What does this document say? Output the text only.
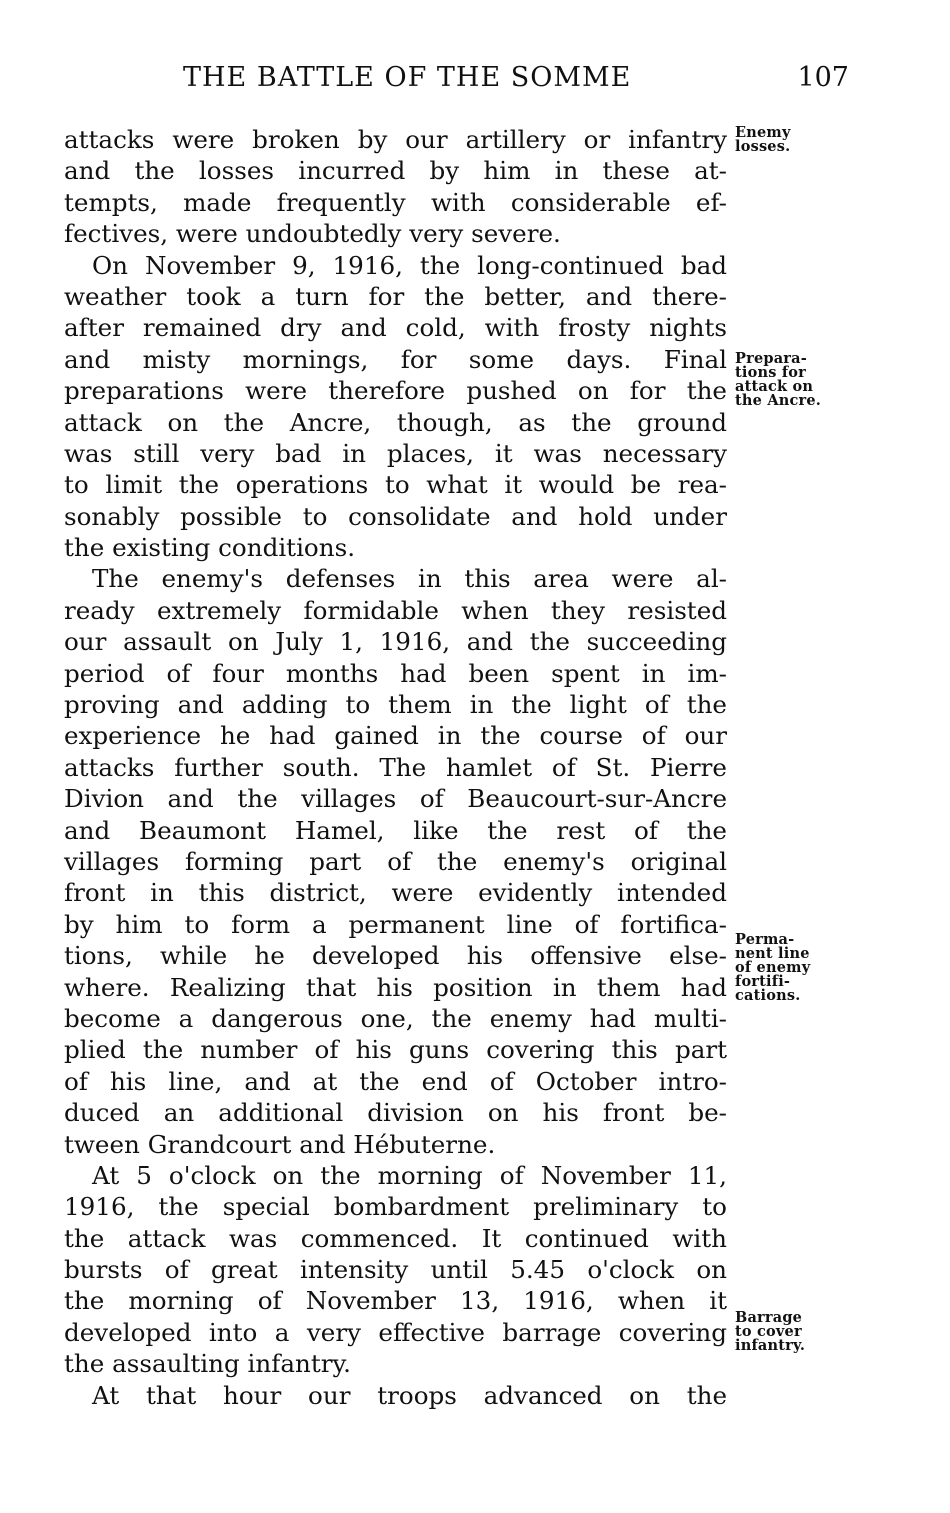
THE BATTLE OF THE SOMME	107
attacks were broken by our artillery or infantry
and the losses incurred by him in these at-
tempts, made frequently with considerable ef-
fectives, were undoubtedly very severe.
On November 9, 1916, the long-continued bad
weather took a turn for the better, and there-
after remained dry and cold, with frosty nights
and misty mornings, for some days. Final
preparations were therefore pushed on for the
attack on the Ancre, though, as the ground
was still very bad in places, it was necessary
to limit the operations to what it would be rea-
sonably possible to consolidate and hold under
the existing conditions.
The enemy's defenses in this area were al-
ready extremely formidable when they resisted
our assault on July 1, 1916, and the succeeding
period of four months had been spent in im-
proving and adding to them in the light of the
experience he had gained in the course of our
attacks further south. The hamlet of St. Pierre
Divion and the villages of Beaucourt-sur-Ancre
and Beaumont Hamel, like the rest of the
villages forming part of the enemy's original
front in this district, were evidently intended
by him to form a permanent line of fortifica-
tions, while he developed his offensive else-
where. Realizing that his position in them had
become a dangerous one, the enemy had multi-
plied the number of his guns covering this part
of his line, and at the end of October intro-
duced an additional division on his front be-
tween Grandcourt and Hébuterne.
At 5 o'clock on the morning of November 11,
1916, the special bombardment preliminary to
the attack was commenced. It continued with
bursts of great intensity until 5.45 o'clock on
the morning of November 13, 1916, when it
developed into a very effective barrage covering
the assaulting infantry.
At that hour our troops advanced on the
Enemy
losses.
Prepara-
tions for
attack on
the Ancre.
Perma-
nent line
of enemy
fortifi-
cations.
Barrage
to cover
infantry.
